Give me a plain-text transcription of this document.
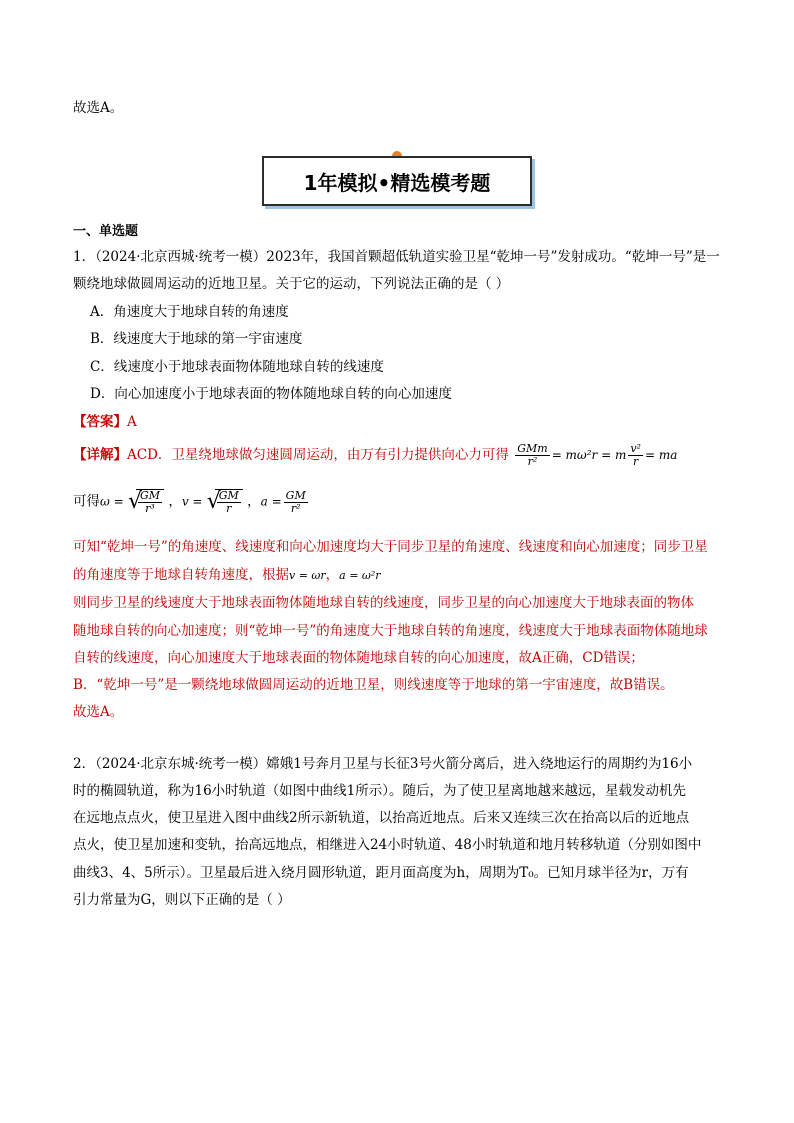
故选A。
1年模拟•精选模考题
一、单选题
1．（2024·北京西城·统考一模）2023年，我国首颗超低轨道实验卫星“乾坤一号”发射成功。“乾坤一号”是一
颗绕地球做圆周运动的近地卫星。关于它的运动，下列说法正确的是（ ）
A．角速度大于地球自转的角速度
B．线速度大于地球的第一宇宙速度
C．线速度小于地球表面物体随地球自转的线速度
D．向心加速度小于地球表面的物体随地球自转的向心加速度
【答案】A
【详解】ACD．卫星绕地球做匀速圆周运动，由万有引力提供向心力可得 $\frac{\text{GMm}}{\text{r²}} = m\omega^2r = m \frac{\text{v²}}{r}$ = ma
可得ω = √
$\frac{GM}{\text{r³}}$ ，v = √
$\frac{GM}{r}$ ，$a = \frac{GM}{\text{r²}}$
可知“乾坤一号”的角速度、线速度和向心加速度均大于同步卫星的角速度、线速度和向心加速度；同步卫星
的角速度等于地球自转角速度，根据v = ωr，a = ω²r
则同步卫星的线速度大于地球表面物体随地球自转的线速度，同步卫星的向心加速度大于地球表面的物体
随地球自转的向心加速度；则“乾坤一号”的角速度大于地球自转的角速度，线速度大于地球表面物体随地球
自转的线速度，向心加速度大于地球表面的物体随地球自转的向心加速度，故A正确，CD错误；
B．“乾坤一号”是一颗绕地球做圆周运动的近地卫星，则线速度等于地球的第一宇宙速度，故B错误。
故选A。
2．（2024·北京东城·统考一模）嫦娥1号奔月卫星与长征3号火箭分离后，进入绕地运行的周期约为16小
时的椭圆轨道，称为16小时轨道（如图中曲线1所示）。随后，为了使卫星离地越来越远，星载发动机先
在远地点点火，使卫星进入图中曲线2所示新轨道，以抬高近地点。后来又连续三次在抬高以后的近地点
点火，使卫星加速和变轨，抬高远地点，相继进入24小时轨道、48小时轨道和地月转移轨道（分别如图中
曲线3、4、5所示）。卫星最后进入绕月圆形轨道，距月面高度为h，周期为T₀。已知月球半径为r，万有
引力常量为G，则以下正确的是（ ）
